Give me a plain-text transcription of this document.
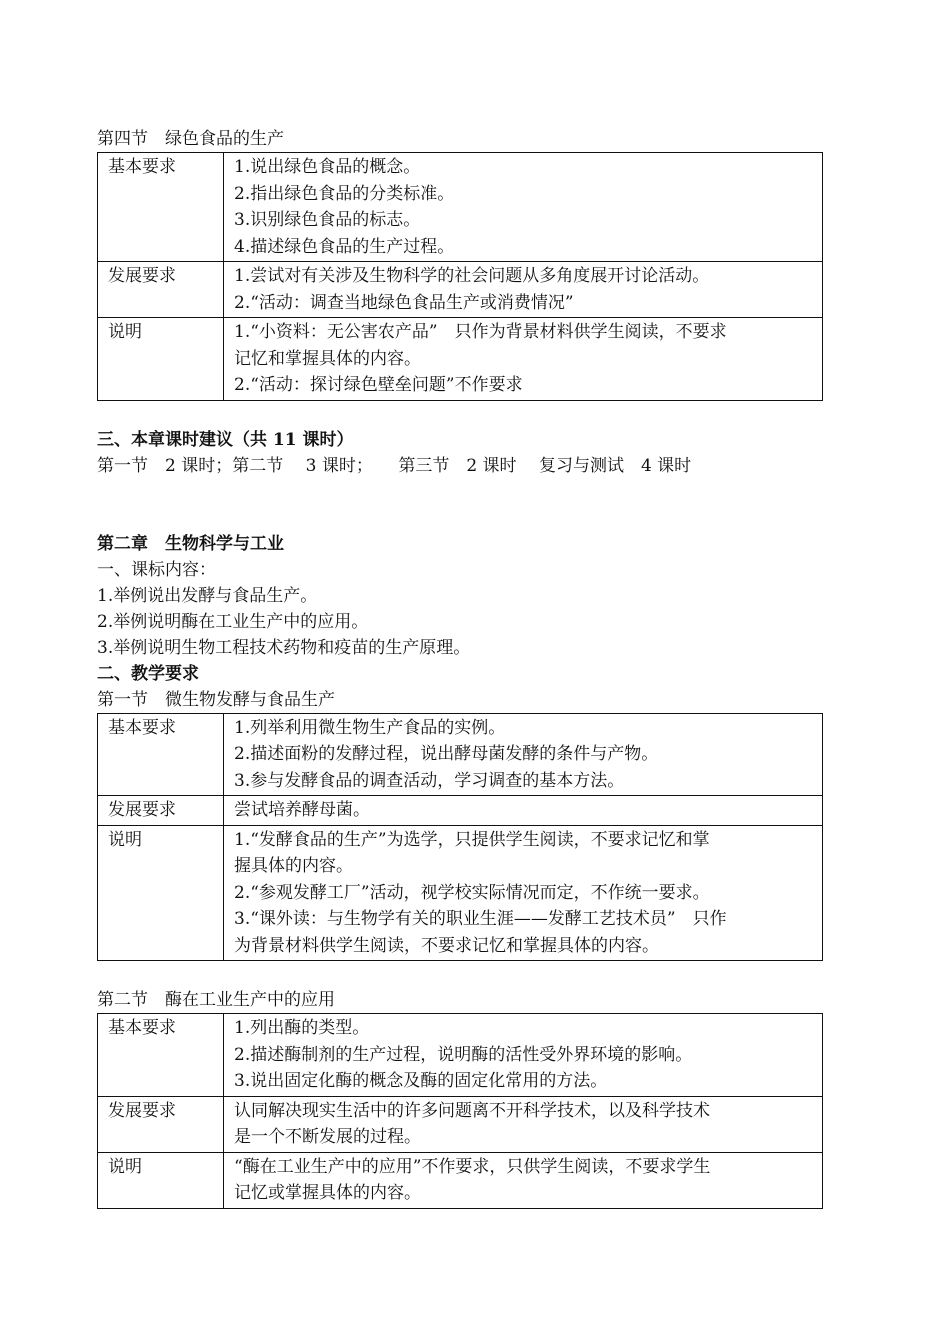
第四节　绿色食品的生产
基本要求	1.说出绿色食品的概念。
2.指出绿色食品的分类标准。
3.识别绿色食品的标志。
4.描述绿色食品的生产过程。

发展要求	1.尝试对有关涉及生物科学的社会问题从多角度展开讨论活动。
2.“活动：调查当地绿色食品生产或消费情况”

说明	1.“小资料：无公害农产品”　只作为背景材料供学生阅读，不要求
记忆和掌握具体的内容。
2.“活动：探讨绿色壁垒问题”不作要求
三、本章课时建议（共 11 课时）
第一节　2 课时；第二节　 3 课时；　　第三节　2 课时　 复习与测试　4 课时
第二章　生物科学与工业
一、课标内容：
1.举例说出发酵与食品生产。
2.举例说明酶在工业生产中的应用。
3.举例说明生物工程技术药物和疫苗的生产原理。
二、教学要求
第一节　微生物发酵与食品生产
基本要求	1.列举利用微生物生产食品的实例。
2.描述面粉的发酵过程，说出酵母菌发酵的条件与产物。
3.参与发酵食品的调查活动，学习调查的基本方法。

发展要求	尝试培养酵母菌。

说明	1.“发酵食品的生产”为选学，只提供学生阅读，不要求记忆和掌
握具体的内容。
2.“参观发酵工厂”活动，视学校实际情况而定，不作统一要求。
3.“课外读：与生物学有关的职业生涯——发酵工艺技术员”　只作
为背景材料供学生阅读，不要求记忆和掌握具体的内容。
第二节　酶在工业生产中的应用
基本要求	1.列出酶的类型。
2.描述酶制剂的生产过程，说明酶的活性受外界环境的影响。
3.说出固定化酶的概念及酶的固定化常用的方法。

发展要求	认同解决现实生活中的许多问题离不开科学技术，以及科学技术
是一个不断发展的过程。

说明	“酶在工业生产中的应用”不作要求，只供学生阅读，不要求学生
记忆或掌握具体的内容。
